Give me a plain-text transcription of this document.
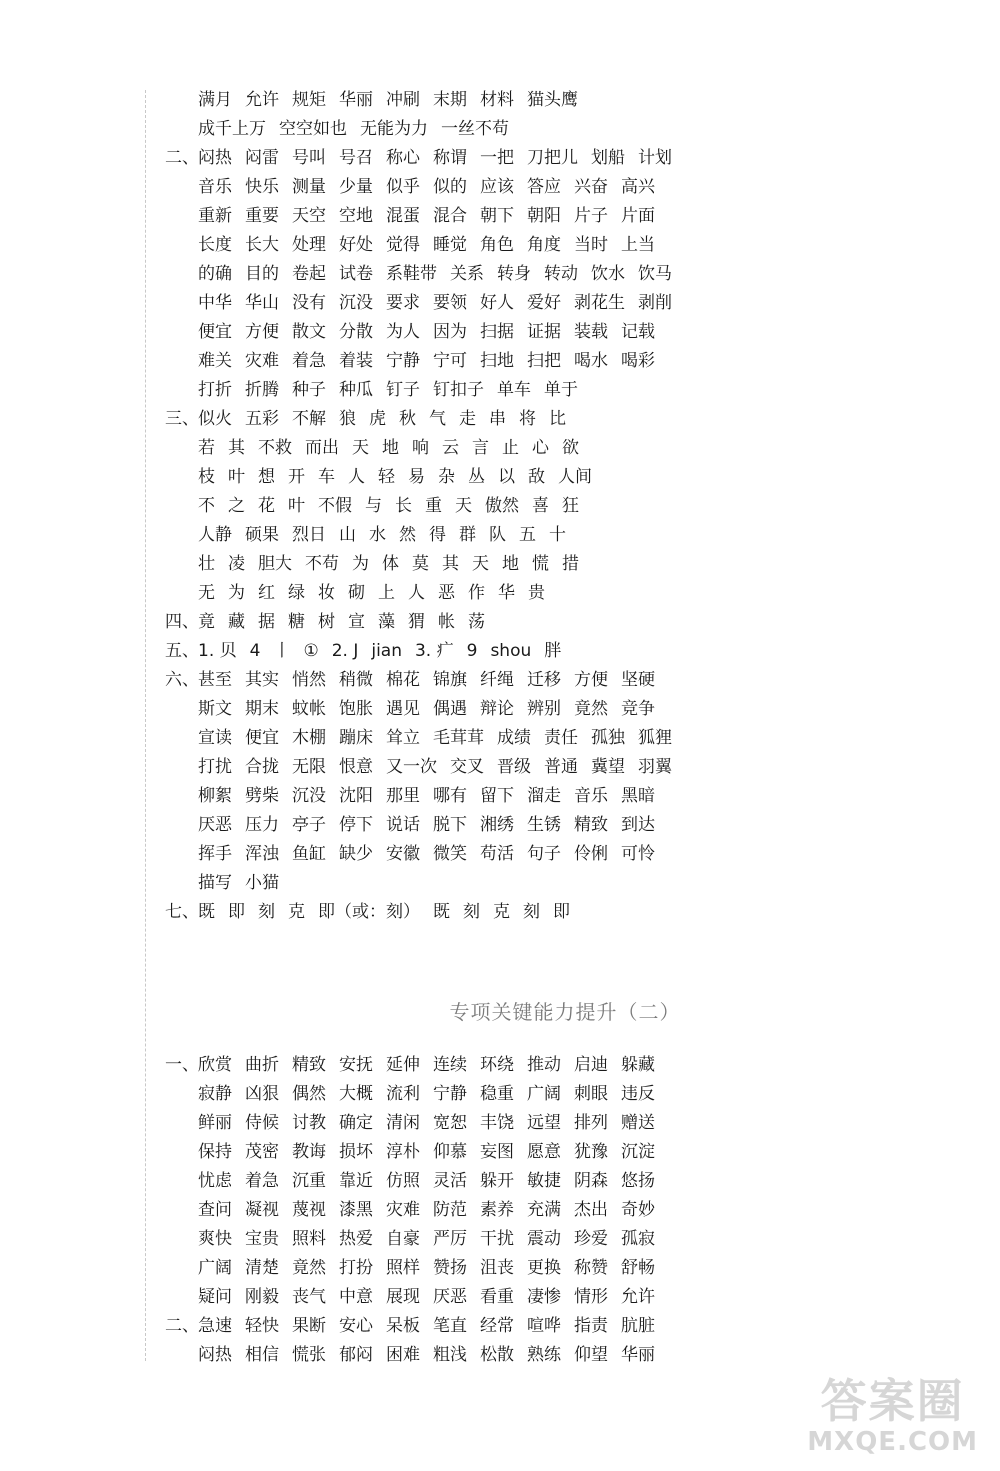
满月 允许 规矩 华丽 冲刷 末期 材料 猫头鹰
成千上万 空空如也 无能为力 一丝不苟
二、闷热 闷雷 号叫 号召 称心 称谓 一把 刀把儿 划船 计划
音乐 快乐 测量 少量 似乎 似的 应该 答应 兴奋 高兴
重新 重要 天空 空地 混蛋 混合 朝下 朝阳 片子 片面
长度 长大 处理 好处 觉得 睡觉 角色 角度 当时 上当
的确 目的 卷起 试卷 系鞋带 关系 转身 转动 饮水 饮马
中华 华山 没有 沉没 要求 要领 好人 爱好 剥花生 剥削
便宜 方便 散文 分散 为人 因为 扫据 证据 装载 记载
难关 灾难 着急 着装 宁静 宁可 扫地 扫把 喝水 喝彩
打折 折腾 种子 种瓜 钉子 钉扣子 单车 单于
三、似火 五彩 不解 狼 虎 秋 气 走 串 将 比
若 其 不救 而出 天 地 响 云 言 止 心 欲
枝 叶 想 开 车 人 轻 易 杂 丛 以 敌 人间
不 之 花 叶 不假 与 长 重 天 傲然 喜 狂
人静 硕果 烈日 山 水 然 得 群 队 五 十
壮 凌 胆大 不苟 为 体 莫 其 天 地 慌 措
无 为 红 绿 妆 砌 上 人 恶 作 华 贵
四、竟 藏 据 糖 树 宣 藻 猬 帐 荡
五、1. 贝 4 丨 ① 2. J jian 3. 疒 9 shou 胖
六、甚至 其实 悄然 稍微 棉花 锦旗 纤绳 迁移 方便 坚硬
斯文 期末 蚊帐 饱胀 遇见 偶遇 辩论 辨别 竟然 竞争
宣读 便宜 木棚 蹦床 耸立 毛茸茸 成绩 责任 孤独 狐狸
打扰 合拢 无限 恨意 又一次 交叉 晋级 普通 冀望 羽翼
柳絮 劈柴 沉没 沈阳 那里 哪有 留下 溜走 音乐 黑暗
厌恶 压力 亭子 停下 说话 脱下 湘绣 生锈 精致 到达
挥手 浑浊 鱼缸 缺少 安徽 微笑 苟活 句子 伶俐 可怜
描写 小猫
七、既 即 刻 克 即（或：刻） 既 刻 克 刻 即
专项关键能力提升（二）
一、欣赏 曲折 精致 安抚 延伸 连续 环绕 推动 启迪 躲藏
寂静 凶狠 偶然 大概 流利 宁静 稳重 广阔 刺眼 违反
鲜丽 侍候 讨教 确定 清闲 宽恕 丰饶 远望 排列 赠送
保持 茂密 教诲 损坏 淳朴 仰慕 妄图 愿意 犹豫 沉淀
忧虑 着急 沉重 靠近 仿照 灵活 躲开 敏捷 阴森 悠扬
查问 凝视 蔑视 漆黑 灾难 防范 素养 充满 杰出 奇妙
爽快 宝贵 照料 热爱 自豪 严厉 干扰 震动 珍爱 孤寂
广阔 清楚 竟然 打扮 照样 赞扬 沮丧 更换 称赞 舒畅
疑问 刚毅 丧气 中意 展现 厌恶 看重 凄惨 情形 允许
二、急速 轻快 果断 安心 呆板 笔直 经常 喧哗 指责 肮脏
闷热 相信 慌张 郁闷 困难 粗浅 松散 熟练 仰望 华丽
答案圈
MXQE.COM
